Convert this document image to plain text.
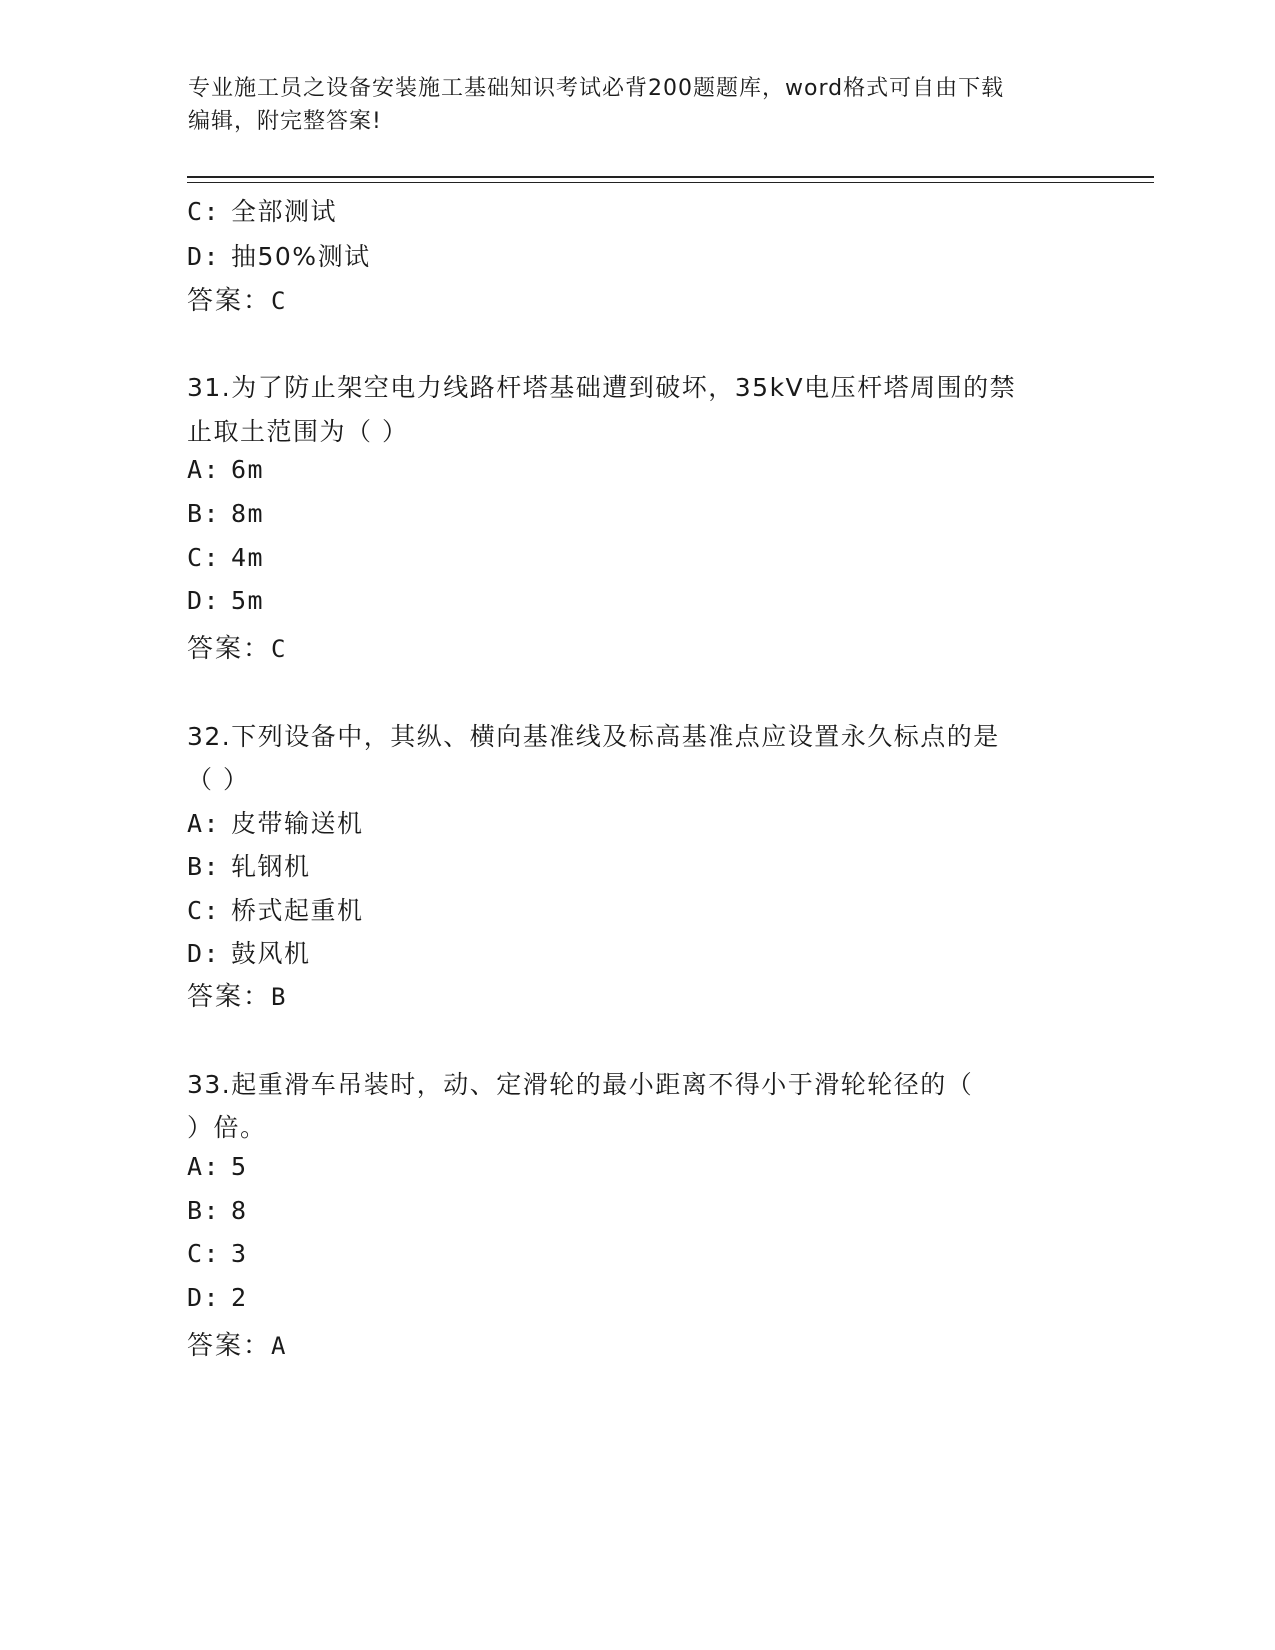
专业施工员之设备安装施工基础知识考试必背200题题库，word格式可自由下载
编辑，附完整答案!
C: 全部测试
D: 抽50%测试
答案：C
31.为了防止架空电力线路杆塔基础遭到破坏，35kV电压杆塔周围的禁
止取土范围为（ ）
A: 6m
B: 8m
C: 4m
D: 5m
答案：C
32.下列设备中，其纵、横向基准线及标高基准点应设置永久标点的是
（ ）
A: 皮带输送机
B: 轧钢机
C: 桥式起重机
D: 鼓风机
答案：B
33.起重滑车吊装时，动、定滑轮的最小距离不得小于滑轮轮径的（
）倍。
A: 5
B: 8
C: 3
D: 2
答案：A
